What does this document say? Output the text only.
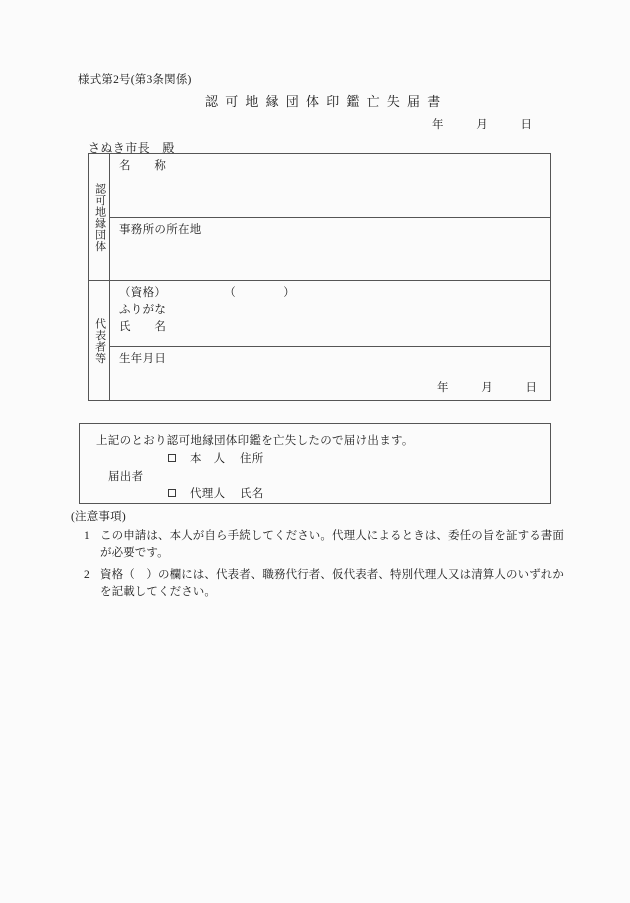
様式第2号(第3条関係)
認可地縁団体印鑑亡失届書
年	月	日
さぬき市長　殿
認可地縁団体
名　　称
事務所の所在地
代表者等
（資格）	（　　　　）
ふりがな
氏　　名
生年月日
年	月	日
上記のとおり認可地縁団体印鑑を亡失したので届け出ます。
届出者
本　人	住所
代理人	氏名
(注意事項)
1 この申請は、本人が自ら手続してください。代理人によるときは、委任の旨を証する書面が必要です。
2 資格（　）の欄には、代表者、職務代行者、仮代表者、特別代理人又は清算人のいずれかを記載してください。
